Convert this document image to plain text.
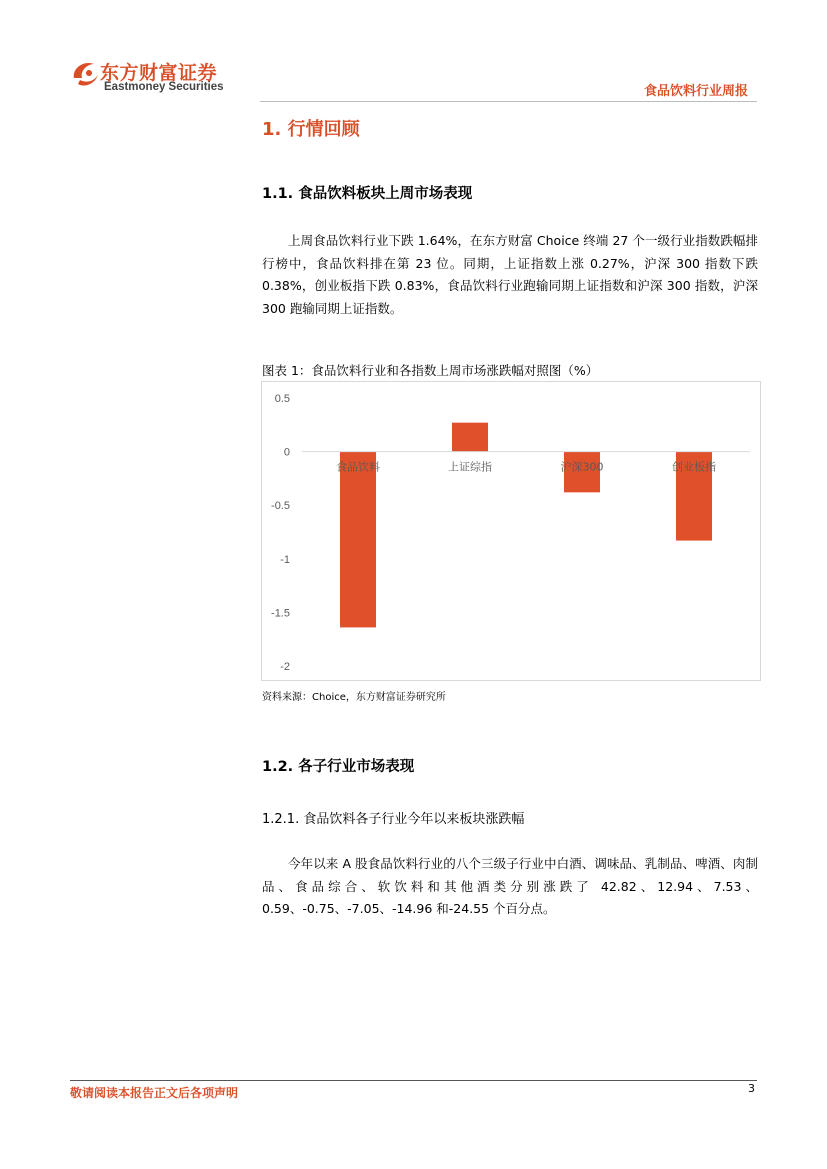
东方财富证券
Eastmoney Securities	食品饮料行业周报
1. 行情回顾
1.1. 食品饮料板块上周市场表现
上周食品饮料行业下跌 1.64%，在东方财富 Choice 终端 27 个一级行业指数跌幅排行榜中，食品饮料排在第 23 位。同期，上证指数上涨 0.27%，沪深 300 指数下跌 0.38%，创业板指下跌 0.83%，食品饮料行业跑输同期上证指数和沪深 300 指数，沪深 300 跑输同期上证指数。
图表 1：食品饮料行业和各指数上周市场涨跌幅对照图（%）
0.5
0
-0.5
-1
-1.5
-2
食品饮料	上证综指	沪深300	创业板指
资料来源：Choice，东方财富证券研究所
1.2. 各子行业市场表现
1.2.1. 食品饮料各子行业今年以来板块涨跌幅
今年以来 A 股食品饮料行业的八个三级子行业中白酒、调味品、乳制品、啤酒、肉制品、食品综合、软饮料和其他酒类分别涨跌了 42.82、12.94、7.53、0.59、-0.75、-7.05、-14.96 和-24.55 个百分点。
敬请阅读本报告正文后各项声明	3
